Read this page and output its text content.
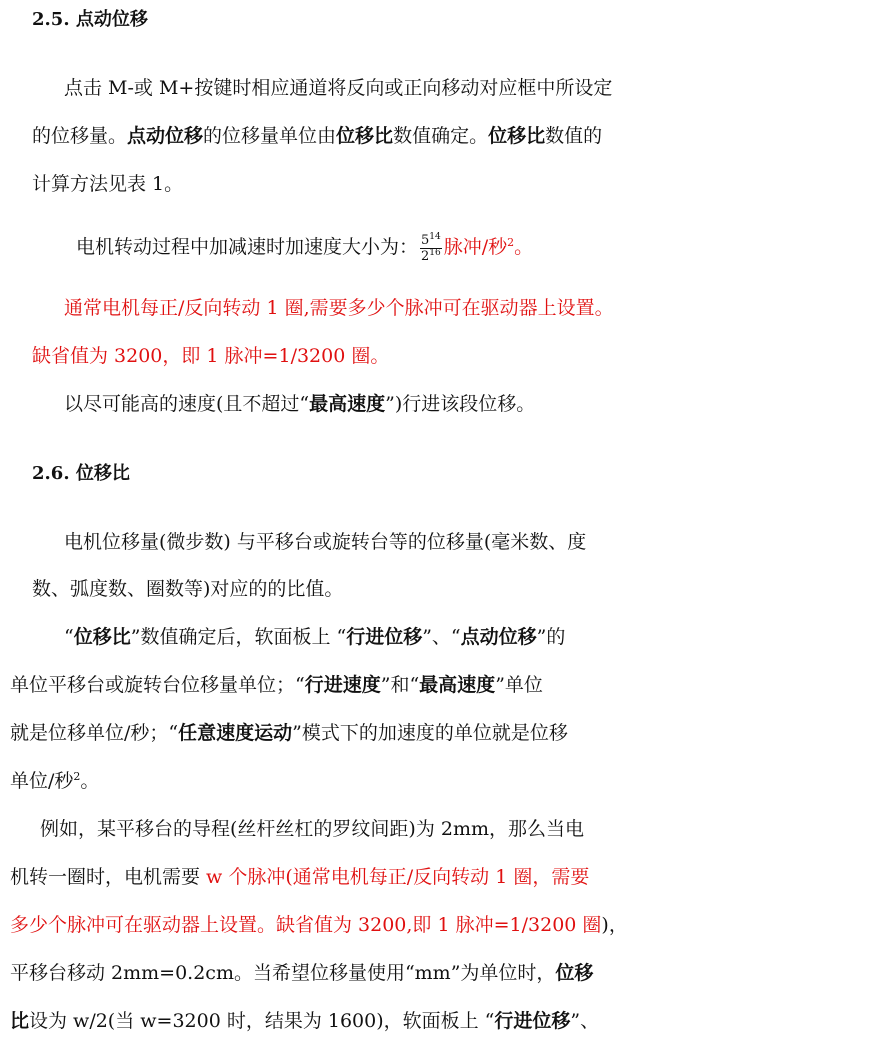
2.5. 点动位移
点击 M-或 M+按键时相应通道将反向或正向移动对应框中所设定
的位移量。点动位移的位移量单位由位移比数值确定。位移比数值的
计算方法见表 1。
电机转动过程中加减速时加速度大小为： $\frac{5^{14}}{2^{16}}$ 脉冲/秒$^2$。
通常电机每正/反向转动 1 圈,需要多少个脉冲可在驱动器上设置。
缺省值为 3200，即 1 脉冲=1/3200 圈。
以尽可能高的速度(且不超过“最高速度”)行进该段位移。
2.6. 位移比
电机位移量(微步数) 与平移台或旋转台等的位移量(毫米数、度
数、弧度数、圈数等)对应的的比值。
“位移比”数值确定后，软面板上 “行进位移”、“点动位移”的
单位平移台或旋转台位移量单位；“行进速度”和“最高速度”单位
就是位移单位/秒；“任意速度运动”模式下的加速度的单位就是位移
单位/秒$^2$。
例如，某平移台的导程(丝杆丝杠的罗纹间距)为 2mm，那么当电
机转一圈时，电机需要 w 个脉冲(通常电机每正/反向转动 1 圈，需要
多少个脉冲可在驱动器上设置。缺省值为 3200,即 1 脉冲=1/3200 圈)，
平移台移动 2mm=0.2cm。当希望位移量使用“mm”为单位时，位移
比设为 w/2(当 w=3200 时，结果为 1600)，软面板上 “行进位移”、
